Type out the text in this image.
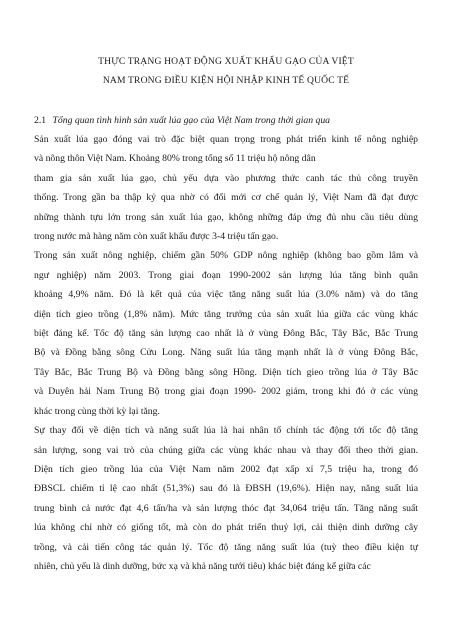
THỰC TRẠNG HOẠT ĐỘNG XUẤT KHẨU GẠO CỦA VIỆT
NAM TRONG ĐIỀU KIỆN HỘI NHẬP KINH TẾ QUỐC TẾ

2.1 Tổng quan tình hình sản xuất lúa gạo của Việt Nam trong thời gian qua

Sản xuất lúa gạo đóng vai trò đặc biệt quan trọng trong phát triển kinh tế nông nghiệp
và nông thôn Việt Nam. Khoảng 80% trong tổng số 11 triệu hộ nông dân

tham gia sản xuất lúa gạo, chủ yếu dựa vào phương thức canh tác thủ công truyền
thống. Trong gần ba thập kỷ qua nhờ có đổi mới cơ chế quản lý, Việt Nam đã đạt được
những thành tựu lớn trong sản xuất lúa gạo, không những đáp ứng đủ nhu cầu tiêu dùng
trong nước mà hàng năm còn xuất khẩu được 3-4 triệu tấn gạo.

Trong sản xuất nông nghiệp, chiếm gần 50% GDP nông nghiệp (không bao gồm lâm và
ngư nghiệp) năm 2003. Trong giai đoạn 1990-2002 sản lượng lúa tăng bình quân
khoảng 4,9% năm. Đó là kết quả của việc tăng năng suất lúa (3.0% năm) và do tăng
diện tích gieo trồng (1,8% năm). Mức tăng trưởng của sản xuất lúa giữa các vùng khác
biệt đáng kể. Tốc độ tăng sản lượng cao nhất là ở vùng Đông Bắc, Tây Bắc, Bắc Trung
Bộ và Đồng bằng sông Cửu Long. Năng suất lúa tăng mạnh nhất là ở vùng Đông Bắc,
Tây Bắc, Bắc Trung Bộ và Đồng bằng sông Hồng. Diện tích gieo trồng lúa ở Tây Bắc
và Duyên hải Nam Trung Bộ trong giai đoạn 1990- 2002 giảm, trong khi đó ở các vùng
khác trong cùng thời kỳ lại tăng.

Sự thay đổi về diện tích và năng suất lúa là hai nhân tố chính tác động tới tốc độ tăng
sản lượng, song vai trò của chúng giữa các vùng khác nhau và thay đổi theo thời gian.
Diện tích gieo trồng lúa của Việt Nam năm 2002 đạt xấp xỉ 7,5 triệu ha, trong đó
ĐBSCL chiếm tỉ lệ cao nhất (51,3%) sau đó là ĐBSH (19,6%). Hiện nay, năng suất lúa
trung bình cả nước đạt 4,6 tấn/ha và sản lượng thóc đạt 34,064 triệu tấn. Tăng năng suất
lúa không chỉ nhờ có giống tốt, mà còn do phát triển thuỷ lợi, cải thiện dinh dưỡng cây
trồng, và cải tiến công tác quản lý. Tốc độ tăng năng suất lúa (tuỳ theo điều kiện tự
nhiên, chủ yếu là dinh dưỡng, bức xạ và khả năng tưới tiêu) khác biệt đáng kể giữa các
